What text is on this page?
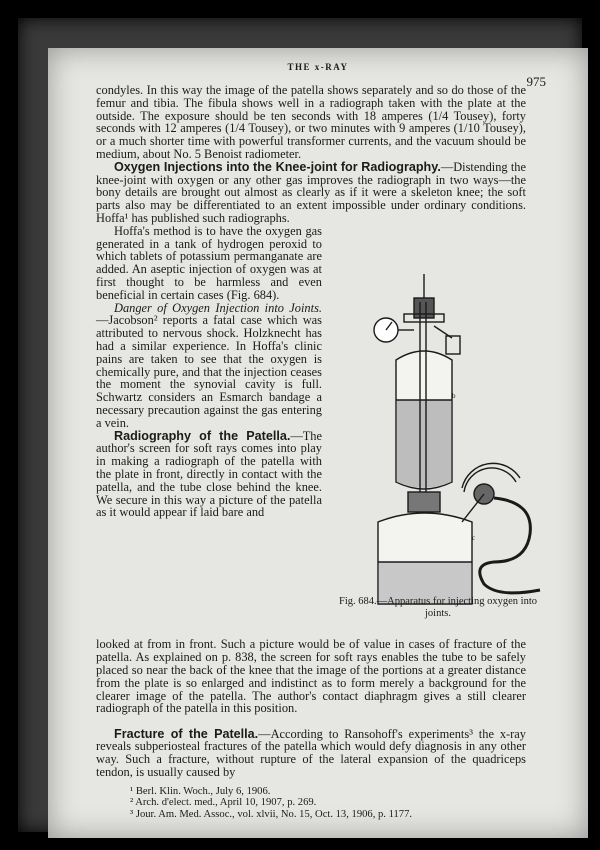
THE x-RAY
975

condyles. In this way the image of the patella shows separately and so do those of the femur and tibia. The fibula shows well in a radiograph taken with the plate at the outside. The exposure should be ten seconds with 18 amperes (1/4 Tousey), forty seconds with 12 amperes (1/4 Tousey), or two minutes with 9 amperes (1/10 Tousey), or a much shorter time with powerful transformer currents, and the vacuum should be medium, about No. 5 Benoist radiometer.

Oxygen Injections into the Knee-joint for Radiography.—Distending the knee-joint with oxygen or any other gas improves the radiograph in two ways—the bony details are brought out almost as clearly as if it were a skeleton knee; the soft parts also may be differentiated to an extent impossible under ordinary conditions. Hoffa¹ has published such radiographs.

Hoffa's method is to have the oxygen gas generated in a tank of hydrogen peroxid to which tablets of potassium permanganate are added. An aseptic injection of oxygen was at first thought to be harmless and even beneficial in certain cases (Fig. 684).

Danger of Oxygen Injection into Joints.—Jacobson² reports a fatal case which was attributed to nervous shock. Holzknecht has had a similar experience. In Hoffa's clinic pains are taken to see that the oxygen is chemically pure, and that the injection ceases the moment the synovial cavity is full. Schwartz considers an Esmarch bandage a necessary precaution against the gas entering a vein.

Radiography of the Patella.—The author's screen for soft rays comes into play in making a radiograph of the patella with the plate in front, directly in contact with the patella, and the tube close behind the knee. We secure in this way a picture of the patella as it would appear if laid bare and

b
c
Fig. 684.—Apparatus for injecting oxygen into joints.

looked at from in front. Such a picture would be of value in cases of fracture of the patella. As explained on p. 838, the screen for soft rays enables the tube to be safely placed so near the back of the knee that the image of the portions at a greater distance from the plate is so enlarged and indistinct as to form merely a background for the clearer image of the patella. The author's contact diaphragm gives a still clearer radiograph of the patella in this position.

Fracture of the Patella.—According to Ransohoff's experiments³ the x-ray reveals subperiosteal fractures of the patella which would defy diagnosis in any other way. Such a fracture, without rupture of the lateral expansion of the quadriceps tendon, is usually caused by

¹ Berl. Klin. Woch., July 6, 1906.
² Arch. d'elect. med., April 10, 1907, p. 269.
³ Jour. Am. Med. Assoc., vol. xlvii, No. 15, Oct. 13, 1906, p. 1177.
